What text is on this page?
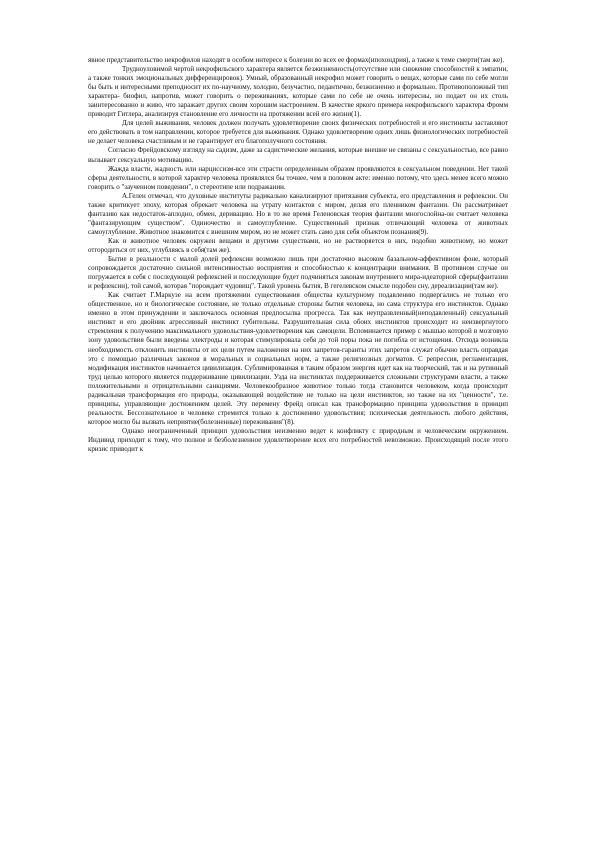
явное представительство некрофилов находят в особом интересе к болезни во всех ее формах(ипохондрия), а также к теме смерти(там же).

Трудноуловимой чертой некрофильского характера является безжизненность(отсутствие или снижение способностей к эмпатии, а также тонких эмоциональных дифференцировок). Умный, образованный некрофил может говорить о вещах, которые сами по себе могли бы быть и интересными преподносит их по-научному, холодно, безучастно, педантично, безжизненно и формально. Противоположный тип характера- биофил, напротив, может говорить о переживаниях, которые сами по себе не очень интересны, но подает он их столь заинтересованно и живо, что заражает других своим хорошим настроением. В качестве яркого примера некрофильского характера Фромм приводит Гитлера, анализируя становление его личности на протяжении всей его жизни(1).

Для целей выживания, человек должен получать удовлетворение своих физических потребностей и его инстинкты заставляют его действовать в том направлении, которое требуется для выживания. Однако удовлетворение одних лишь физиологических потребностей не делает человека счастливым и не гарантирует его благополучного состояния.

Согласно Фрейдовскому взгляду на садизм, даже за садистические желания, которые внешне не связаны с сексуальностью, все равно вызывает сексуальную мотивацию.

Жажда власти, жадность или нарциссизм-все эти страсти определенным образом проявляются в сексуальном поведении. Нет такой сферы деятельности, в которой характер человека проявлялся бы точнее, чем в половом акте: именно потому, что здесь менее всего можно говорить о "заученном поведении", о стереотипе или подражании.

А.Гелен отмечал, что духовные институты радикально канализируют притязания субъекта, его представления и рефлексии. Он также критикует эпоху, которая обрекает человека на утрату контактов с миром, делая его пленником фантазии. Он рассматривает фантазию как недостаток-аплодно, обмен, деривацию. Но в то же время Геленовская теория фантазии многослойна-он считает человека "фантазирующим существом". Одиночество и самоуглубление. Существенный признак отличающий человека от животных самоуглубление. Животное знакомится с внешним миром, но не может стать само для себя объектом познания(9).

Как и животное человек окружен вещами и другими существами, но не растворяется в них, подобно животному, но может отгородиться от них, углубляясь в себя(там же).

Бытие в реальности с малой долей рефлексии возможно лишь при достаточно высоком базальном-аффективном фоне, который сопровождается достаточно сильной интенсивностью восприятия и способностью к концентрации внимания. В противном случае он погружается в себя с последующей рефлексией и последующие будет подчиняться законам внутреннего мира-идеаторной сферы(фантазии и рефлексии), той самой, которая "порождает чудовищ". Такой уровень бытия, В гегелевском смысле подобен сну, дереализации(там же).

Как считает Г.Маркузе на всем протяжении существования общества культурному подавлению подвергались не только его общественное, но и биологическое состояние, не только отдельные стороны бытия человека, но сама структура его инстинктов. Однако именно в этом принуждении и заключалось основная предпосылка прогресса. Так как неупразвленный(неподавленный) сексуальный инстинкт и его двойник агрессивный инстинкт губительны. Разрушительная сила обоих инстинктов происходит из неизвергнутого стремления к получению максимального удовольствия-удовлетворения как самоцели. Вспоминается пример с мышью которой в мозговую зону удовольствия были введены электроды и которая стимулировала себя до той поры пока не погибла от истощения. Отсюда возникла необходимость отклонить инстинкты от их цели путем наложения на них запретов-гаранты этих запретов служат обычно власть оправдая это с помощью различных законов в моральных и социальных норм, а также религиозных догматов. С репрессия, регламентация, модификация инстинктов начинается цивилизация. Сублимированная в таким образом энергия идет как на творческий, так и на рутинный труд целью которого является поддерживание цивилизации. Узда на инстинктах поддерживается сложными структурами власти, а также положительными и отрицательными санкциями. Человекообразное животное только тогда становится человеком, когда происходит радикальная трансформация его природы, оказывающей воздействие не только на цели инстинктов, но также на их "ценности", т.е. принципы, управляющие достижением целей. Эту перемену Фрейд описал как трансформацию принципа удовольствия в принцип реальности. Бессознательное в человеке стремится только к достижению удовольствия; психическая деятельность любого действия, которое могло бы вызвать неприятие(болезненные) переживания"(8).

Однако неограниченный принцип удовольствия неизменно ведет к конфликту с природным и человеческим окружением. Индивид приходит к тому, что полное и безболезненное удовлетворение всех его потребностей невозможно. Происходящий после этого кризис приводит к
